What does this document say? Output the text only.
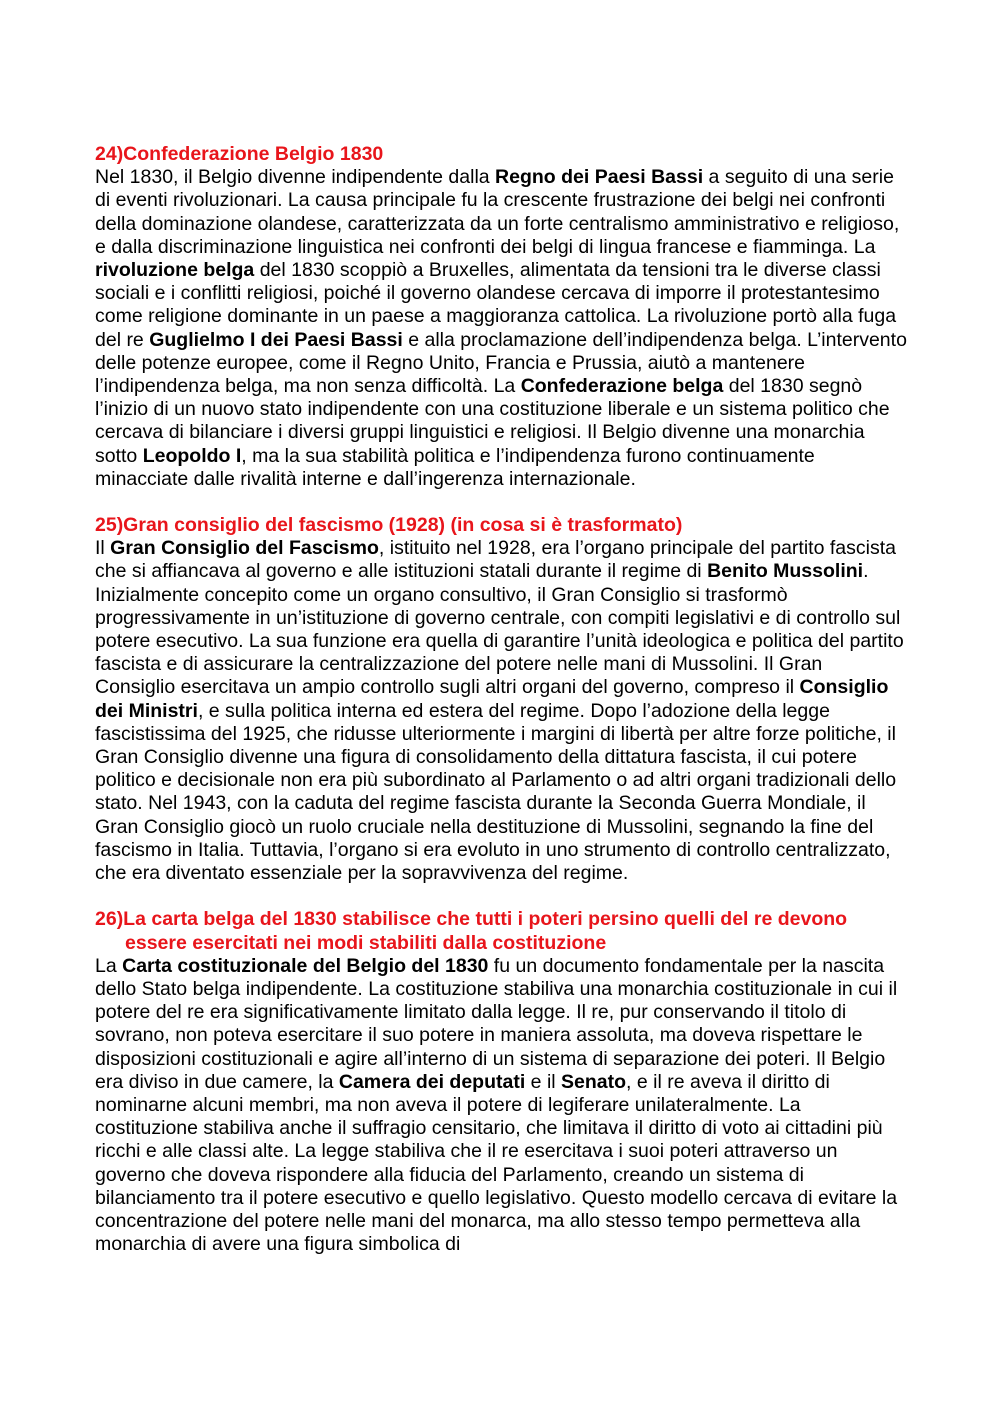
24)Confederazione Belgio 1830

Nel 1830, il Belgio divenne indipendente dalla Regno dei Paesi Bassi a seguito di una serie di eventi rivoluzionari. La causa principale fu la crescente frustrazione dei belgi nei confronti della dominazione olandese, caratterizzata da un forte centralismo amministrativo e religioso, e dalla discriminazione linguistica nei confronti dei belgi di lingua francese e fiamminga. La rivoluzione belga del 1830 scoppiò a Bruxelles, alimentata da tensioni tra le diverse classi sociali e i conflitti religiosi, poiché il governo olandese cercava di imporre il protestantesimo come religione dominante in un paese a maggioranza cattolica. La rivoluzione portò alla fuga del re Guglielmo I dei Paesi Bassi e alla proclamazione dell’indipendenza belga. L’intervento delle potenze europee, come il Regno Unito, Francia e Prussia, aiutò a mantenere l’indipendenza belga, ma non senza difficoltà. La Confederazione belga del 1830 segnò l’inizio di un nuovo stato indipendente con una costituzione liberale e un sistema politico che cercava di bilanciare i diversi gruppi linguistici e religiosi. Il Belgio divenne una monarchia sotto Leopoldo I, ma la sua stabilità politica e l’indipendenza furono continuamente minacciate dalle rivalità interne e dall’ingerenza internazionale.

25)Gran consiglio del fascismo (1928) (in cosa si è trasformato)

Il Gran Consiglio del Fascismo, istituito nel 1928, era l’organo principale del partito fascista che si affiancava al governo e alle istituzioni statali durante il regime di Benito Mussolini. Inizialmente concepito come un organo consultivo, il Gran Consiglio si trasformò progressivamente in un’istituzione di governo centrale, con compiti legislativi e di controllo sul potere esecutivo. La sua funzione era quella di garantire l’unità ideologica e politica del partito fascista e di assicurare la centralizzazione del potere nelle mani di Mussolini. Il Gran Consiglio esercitava un ampio controllo sugli altri organi del governo, compreso il Consiglio dei Ministri, e sulla politica interna ed estera del regime. Dopo l’adozione della legge fascistissima del 1925, che ridusse ulteriormente i margini di libertà per altre forze politiche, il Gran Consiglio divenne una figura di consolidamento della dittatura fascista, il cui potere politico e decisionale non era più subordinato al Parlamento o ad altri organi tradizionali dello stato. Nel 1943, con la caduta del regime fascista durante la Seconda Guerra Mondiale, il Gran Consiglio giocò un ruolo cruciale nella destituzione di Mussolini, segnando la fine del fascismo in Italia. Tuttavia, l’organo si era evoluto in uno strumento di controllo centralizzato, che era diventato essenziale per la sopravvivenza del regime.

26)La carta belga del 1830 stabilisce che tutti i poteri persino quelli del re devono essere esercitati nei modi stabiliti dalla costituzione

La Carta costituzionale del Belgio del 1830 fu un documento fondamentale per la nascita dello Stato belga indipendente. La costituzione stabiliva una monarchia costituzionale in cui il potere del re era significativamente limitato dalla legge. Il re, pur conservando il titolo di sovrano, non poteva esercitare il suo potere in maniera assoluta, ma doveva rispettare le disposizioni costituzionali e agire all’interno di un sistema di separazione dei poteri. Il Belgio era diviso in due camere, la Camera dei deputati e il Senato, e il re aveva il diritto di nominarne alcuni membri, ma non aveva il potere di legiferare unilateralmente. La costituzione stabiliva anche il suffragio censitario, che limitava il diritto di voto ai cittadini più ricchi e alle classi alte. La legge stabiliva che il re esercitava i suoi poteri attraverso un governo che doveva rispondere alla fiducia del Parlamento, creando un sistema di bilanciamento tra il potere esecutivo e quello legislativo. Questo modello cercava di evitare la concentrazione del potere nelle mani del monarca, ma allo stesso tempo permetteva alla monarchia di avere una figura simbolica di
